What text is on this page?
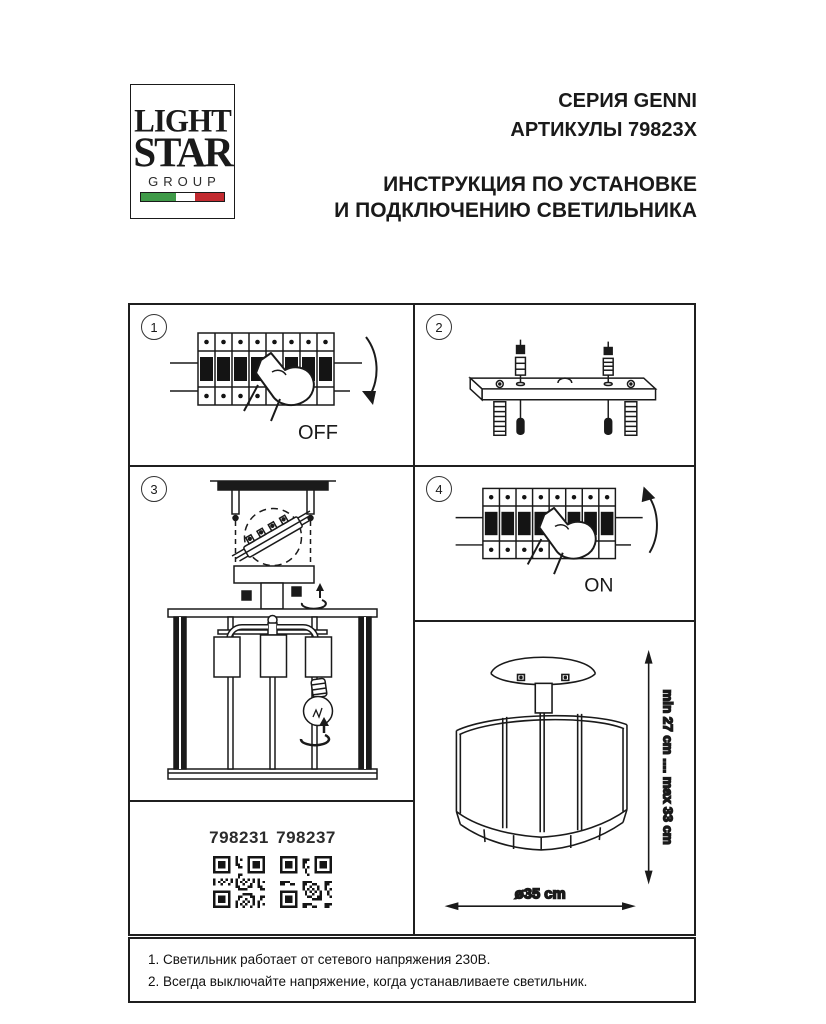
LIGHT
STAR
GROUP
СЕРИЯ GENNI
АРТИКУЛЫ 79823X
ИНСТРУКЦИЯ ПО УСТАНОВКЕ
И ПОДКЛЮЧЕНИЮ СВЕТИЛЬНИКА
1
OFF
3
798231 798237
2
4
ON
min 27 cm .... max 33 cm
ø35 cm
1. Светильник работает от сетевого напряжения 230В.
2. Всегда выключайте напряжение, когда устанавливаете светильник.
